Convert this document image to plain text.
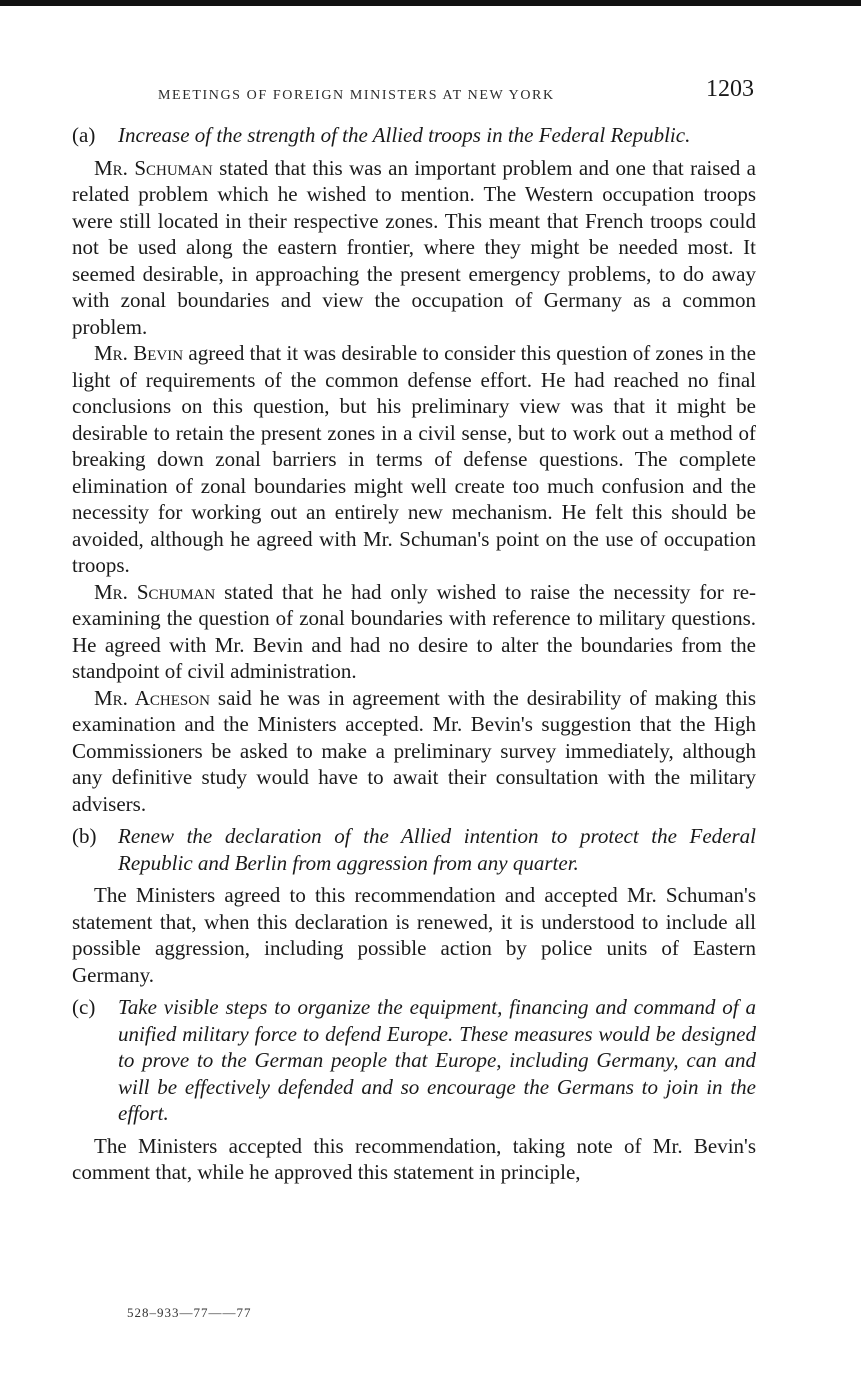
MEETINGS OF FOREIGN MINISTERS AT NEW YORK	1203

(a) Increase of the strength of the Allied troops in the Federal Republic.

Mr. Schuman stated that this was an important problem and one that raised a related problem which he wished to mention. The Western occupation troops were still located in their respective zones. This meant that French troops could not be used along the eastern frontier, where they might be needed most. It seemed desirable, in approaching the present emergency problems, to do away with zonal boundaries and view the occupation of Germany as a common problem.

Mr. Bevin agreed that it was desirable to consider this question of zones in the light of requirements of the common defense effort. He had reached no final conclusions on this question, but his preliminary view was that it might be desirable to retain the present zones in a civil sense, but to work out a method of breaking down zonal barriers in terms of defense questions. The complete elimination of zonal boundaries might well create too much confusion and the necessity for working out an entirely new mechanism. He felt this should be avoided, although he agreed with Mr. Schuman's point on the use of occupation troops.

Mr. Schuman stated that he had only wished to raise the necessity for re-examining the question of zonal boundaries with reference to military questions. He agreed with Mr. Bevin and had no desire to alter the boundaries from the standpoint of civil administration.

Mr. Acheson said he was in agreement with the desirability of making this examination and the Ministers accepted. Mr. Bevin's suggestion that the High Commissioners be asked to make a preliminary survey immediately, although any definitive study would have to await their consultation with the military advisers.

(b) Renew the declaration of the Allied intention to protect the Federal Republic and Berlin from aggression from any quarter.

The Ministers agreed to this recommendation and accepted Mr. Schuman's statement that, when this declaration is renewed, it is understood to include all possible aggression, including possible action by police units of Eastern Germany.

(c) Take visible steps to organize the equipment, financing and command of a unified military force to defend Europe. These measures would be designed to prove to the German people that Europe, including Germany, can and will be effectively defended and so encourage the Germans to join in the effort.

The Ministers accepted this recommendation, taking note of Mr. Bevin's comment that, while he approved this statement in principle,

528–933—77——77
